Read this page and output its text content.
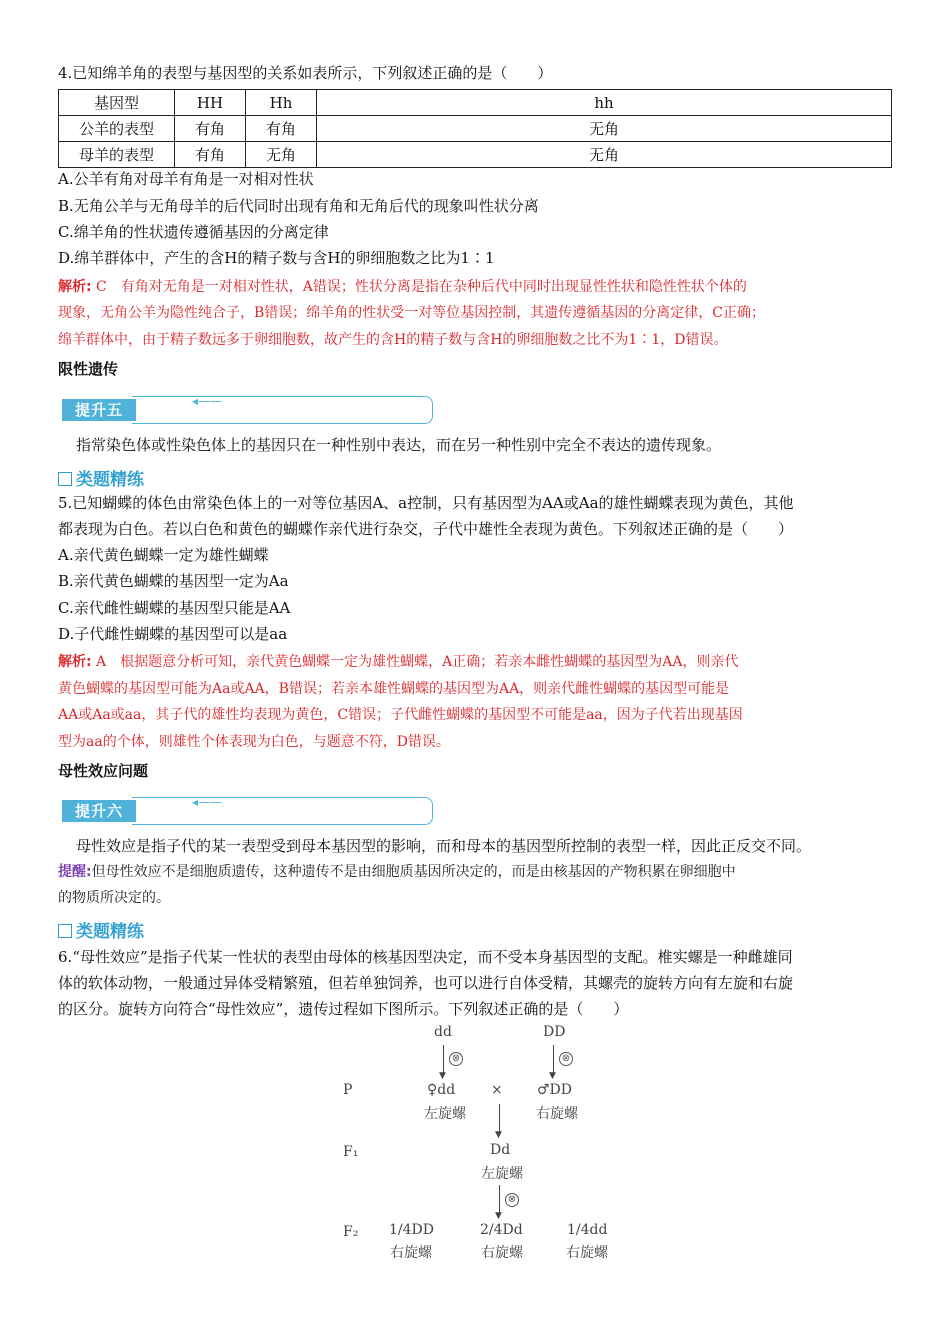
4.已知绵羊角的表型与基因型的关系如表所示，下列叙述正确的是（　　）
基因型	HH	Hh	hh
公羊的表型	有角	有角	无角
母羊的表型	有角	无角	无角
A.公羊有角对母羊有角是一对相对性状
B.无角公羊与无角母羊的后代同时出现有角和无角后代的现象叫性状分离
C.绵羊角的性状遗传遵循基因的分离定律
D.绵羊群体中，产生的含H的精子数与含H的卵细胞数之比为1∶1
解析: C　有角对无角是一对相对性状，A错误；性状分离是指在杂种后代中同时出现显性性状和隐性性状个体的
现象，无角公羊为隐性纯合子，B错误；绵羊角的性状受一对等位基因控制，其遗传遵循基因的分离定律，C正确；
绵羊群体中，由于精子数远多于卵细胞数，故产生的含H的精子数与含H的卵细胞数之比不为1∶1，D错误。
限性遗传
◂——
提升五
指常染色体或性染色体上的基因只在一种性别中表达，而在另一种性别中完全不表达的遗传现象。
类题精练
5.已知蝴蝶的体色由常染色体上的一对等位基因A、a控制，只有基因型为AA或Aa的雄性蝴蝶表现为黄色，其他
都表现为白色。若以白色和黄色的蝴蝶作亲代进行杂交，子代中雄性全表现为黄色。下列叙述正确的是（　　）
A.亲代黄色蝴蝶一定为雄性蝴蝶
B.亲代黄色蝴蝶的基因型一定为Aa
C.亲代雌性蝴蝶的基因型只能是AA
D.子代雌性蝴蝶的基因型可以是aa
解析: A　根据题意分析可知，亲代黄色蝴蝶一定为雄性蝴蝶，A正确；若亲本雌性蝴蝶的基因型为AA，则亲代
黄色蝴蝶的基因型可能为Aa或AA，B错误；若亲本雄性蝴蝶的基因型为AA，则亲代雌性蝴蝶的基因型可能是
AA或Aa或aa，其子代的雄性均表现为黄色，C错误；子代雌性蝴蝶的基因型不可能是aa，因为子代若出现基因
型为aa的个体，则雄性个体表现为白色，与题意不符，D错误。
母性效应问题
◂——
提升六
母性效应是指子代的某一表型受到母本基因型的影响，而和母本的基因型所控制的表型一样，因此正反交不同。
提醒:但母性效应不是细胞质遗传，这种遗传不是由细胞质基因所决定的，而是由核基因的产物积累在卵细胞中
的物质所决定的。
类题精练
6.“母性效应”是指子代某一性状的表型由母体的核基因型决定，而不受本身基因型的支配。椎实螺是一种雌雄同
体的软体动物，一般通过异体受精繁殖，但若单独饲养，也可以进行自体受精，其螺壳的旋转方向有左旋和右旋
的区分。旋转方向符合“母性效应”，遗传过程如下图所示。下列叙述正确的是（　　）
dd	DD
▼
⊗
▼
⊗
P	♀dd	× ♂DD
左旋螺	右旋螺
▼
F₁	Dd
左旋螺
▼
⊗
F₂ 1/4DD
右旋螺
2/4Dd
右旋螺
1/4dd
右旋螺
